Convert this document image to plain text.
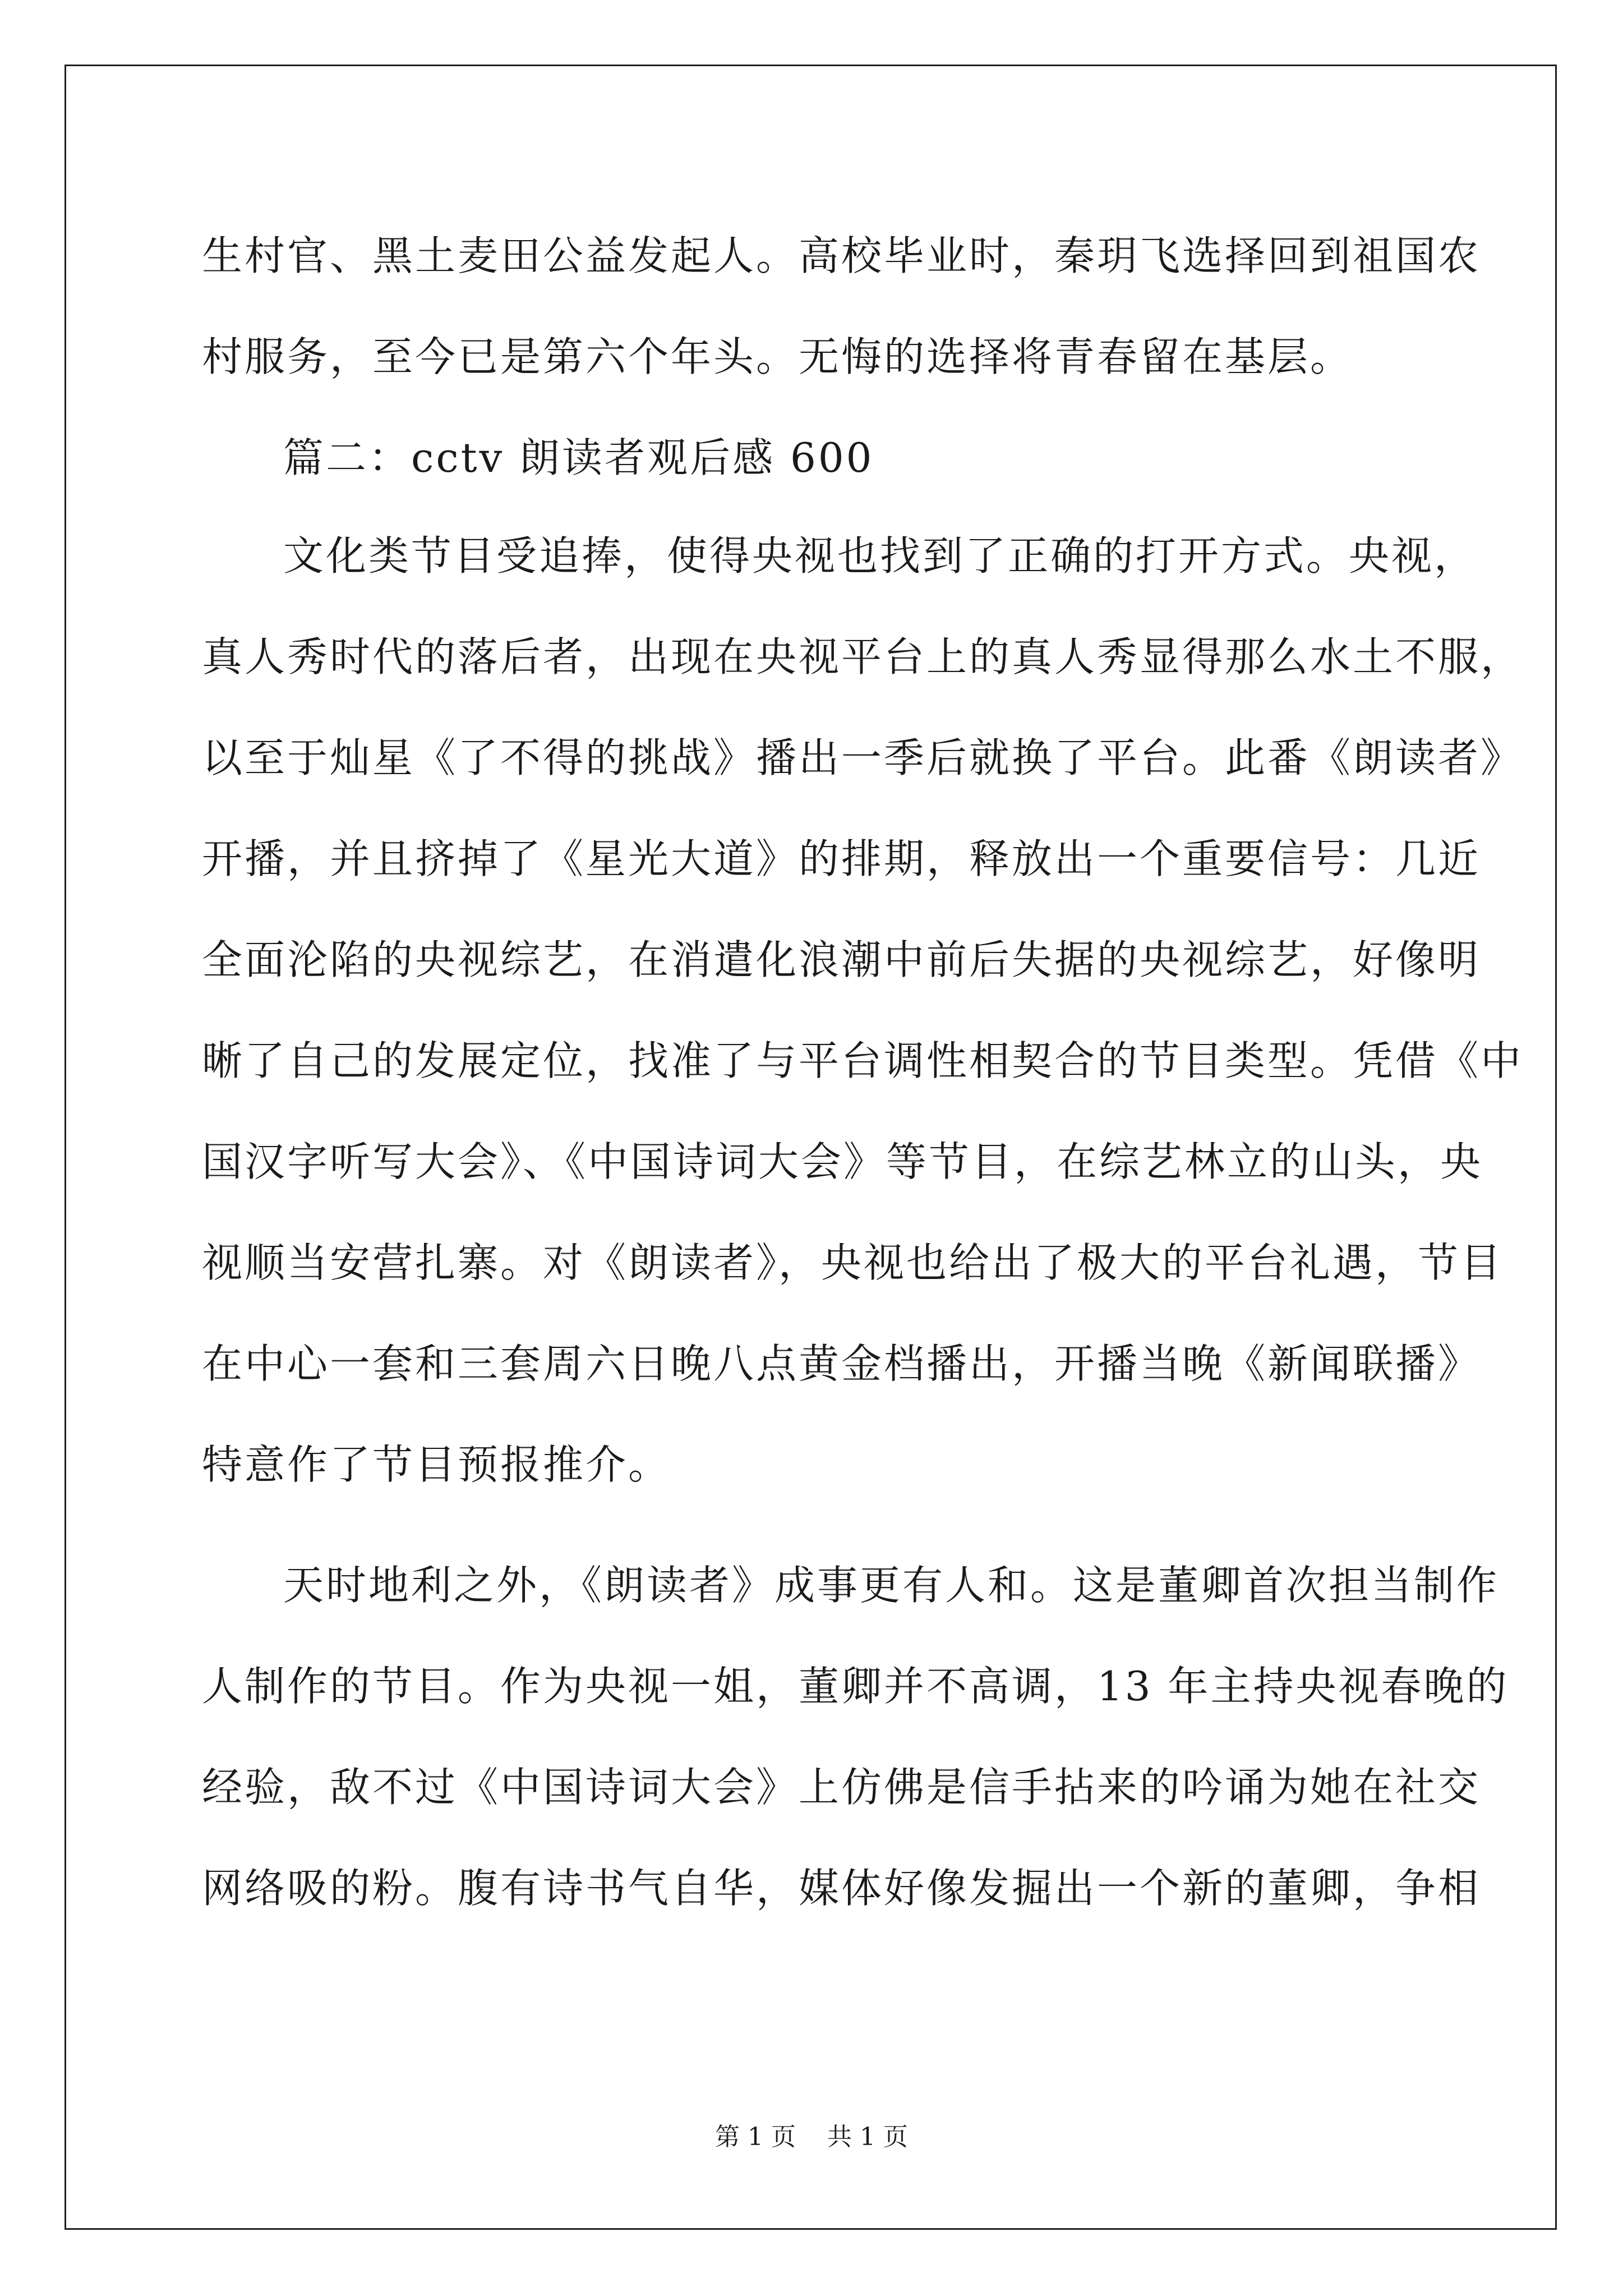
生村官、黑土麦田公益发起人。高校毕业时，秦玥飞选择回到祖国农
村服务，至今已是第六个年头。无悔的选择将青春留在基层。
篇二：cctv 朗读者观后感 600
文化类节目受追捧，使得央视也找到了正确的打开方式。央视，
真人秀时代的落后者，出现在央视平台上的真人秀显得那么水土不服，
以至于灿星《了不得的挑战》播出一季后就换了平台。此番《朗读者》
开播，并且挤掉了《星光大道》的排期，释放出一个重要信号：几近
全面沦陷的央视综艺，在消遣化浪潮中前后失据的央视综艺，好像明
晰了自己的发展定位，找准了与平台调性相契合的节目类型。凭借《中
国汉字听写大会》、《中国诗词大会》等节目，在综艺林立的山头，央
视顺当安营扎寨。对《朗读者》，央视也给出了极大的平台礼遇，节目
在中心一套和三套周六日晚八点黄金档播出，开播当晚《新闻联播》
特意作了节目预报推介。
天时地利之外，《朗读者》成事更有人和。这是董卿首次担当制作
人制作的节目。作为央视一姐，董卿并不高调，13 年主持央视春晚的
经验，敌不过《中国诗词大会》上仿佛是信手拈来的吟诵为她在社交
网络吸的粉。腹有诗书气自华，媒体好像发掘出一个新的董卿，争相
第 1 页    共 1 页
